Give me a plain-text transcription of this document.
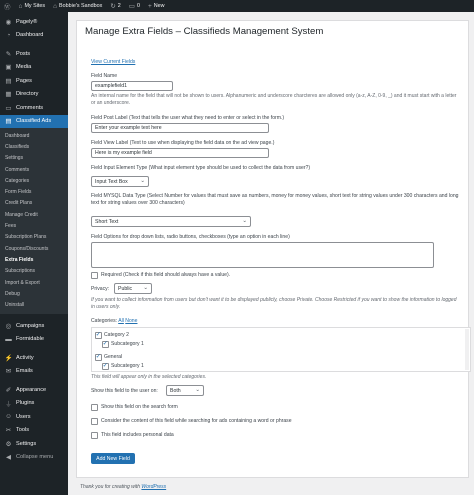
Ⓦ ⌂ My Sites ⌂ Bobbie's Sandbox ↻ 2 ▭ 0 + New
◉ Pagely®
◔ Dashboard
✎ Posts
▣ Media
▤ Pages
▦ Directory
▭ Comments
▤ Classified Ads
Dashboard
Classifieds
Settings
Comments
Categories
Form Fields
Credit Plans
Manage Credit
Fees
Subscription Plans
Coupons/Discounts
Extra Fields
Subscriptions
Import & Export
Debug
Uninstall
◎ Campaigns
▬ Formidable
⚡ Activity
✉ Emails
✐ Appearance
⏚ Plugins
☺ Users
✂ Tools
⚙ Settings
◀ Collapse menu
Manage Extra Fields – Classifieds Management System
View Current Fields
Field Name
examplefield1
An internal name for the field that will not be shown to users. Alphanumeric and underscore charcteres are allowed only (a-z, A-Z, 0-9, _) and it must start with a letter or an underscore.
Field Post Label (Text that tells the user what they need to enter or select in the form.)
Enter your example text here
Field View Label (Text to use when displaying the field data on the ad view page.)
Here is my example field
Field Input Element Type (What input element type should be used to collect the data from user?)
Input Text Box ⌄
Field MYSQL Data Type (Select Number for values that must save as numbers, money for money values, short text for string values under 300 characters and long text for string values over 300 characters)
Short Text	⌄
Field Options for drop down lists, radio buttons, checkboxes (type an option in each line)
Required (Check if this field should always have a value).
Privacy: Public ⌄
If you want to collect information from users but don't want it to be displayed publicly, choose Private. Choose Restricted if you want to show the information to logged in users only.
Categories: All None
✓ Category 2
✓ Subcategory 1
✓ General
✓ Subcategory 1
This field will appear only in the selected categories.
Show this field to the user on: Both	⌄
Show this field on the search form
Consider the content of this field while searching for ads containing a word or phrase
This field includes personal data
Add New Field
Thank you for creating with WordPress
